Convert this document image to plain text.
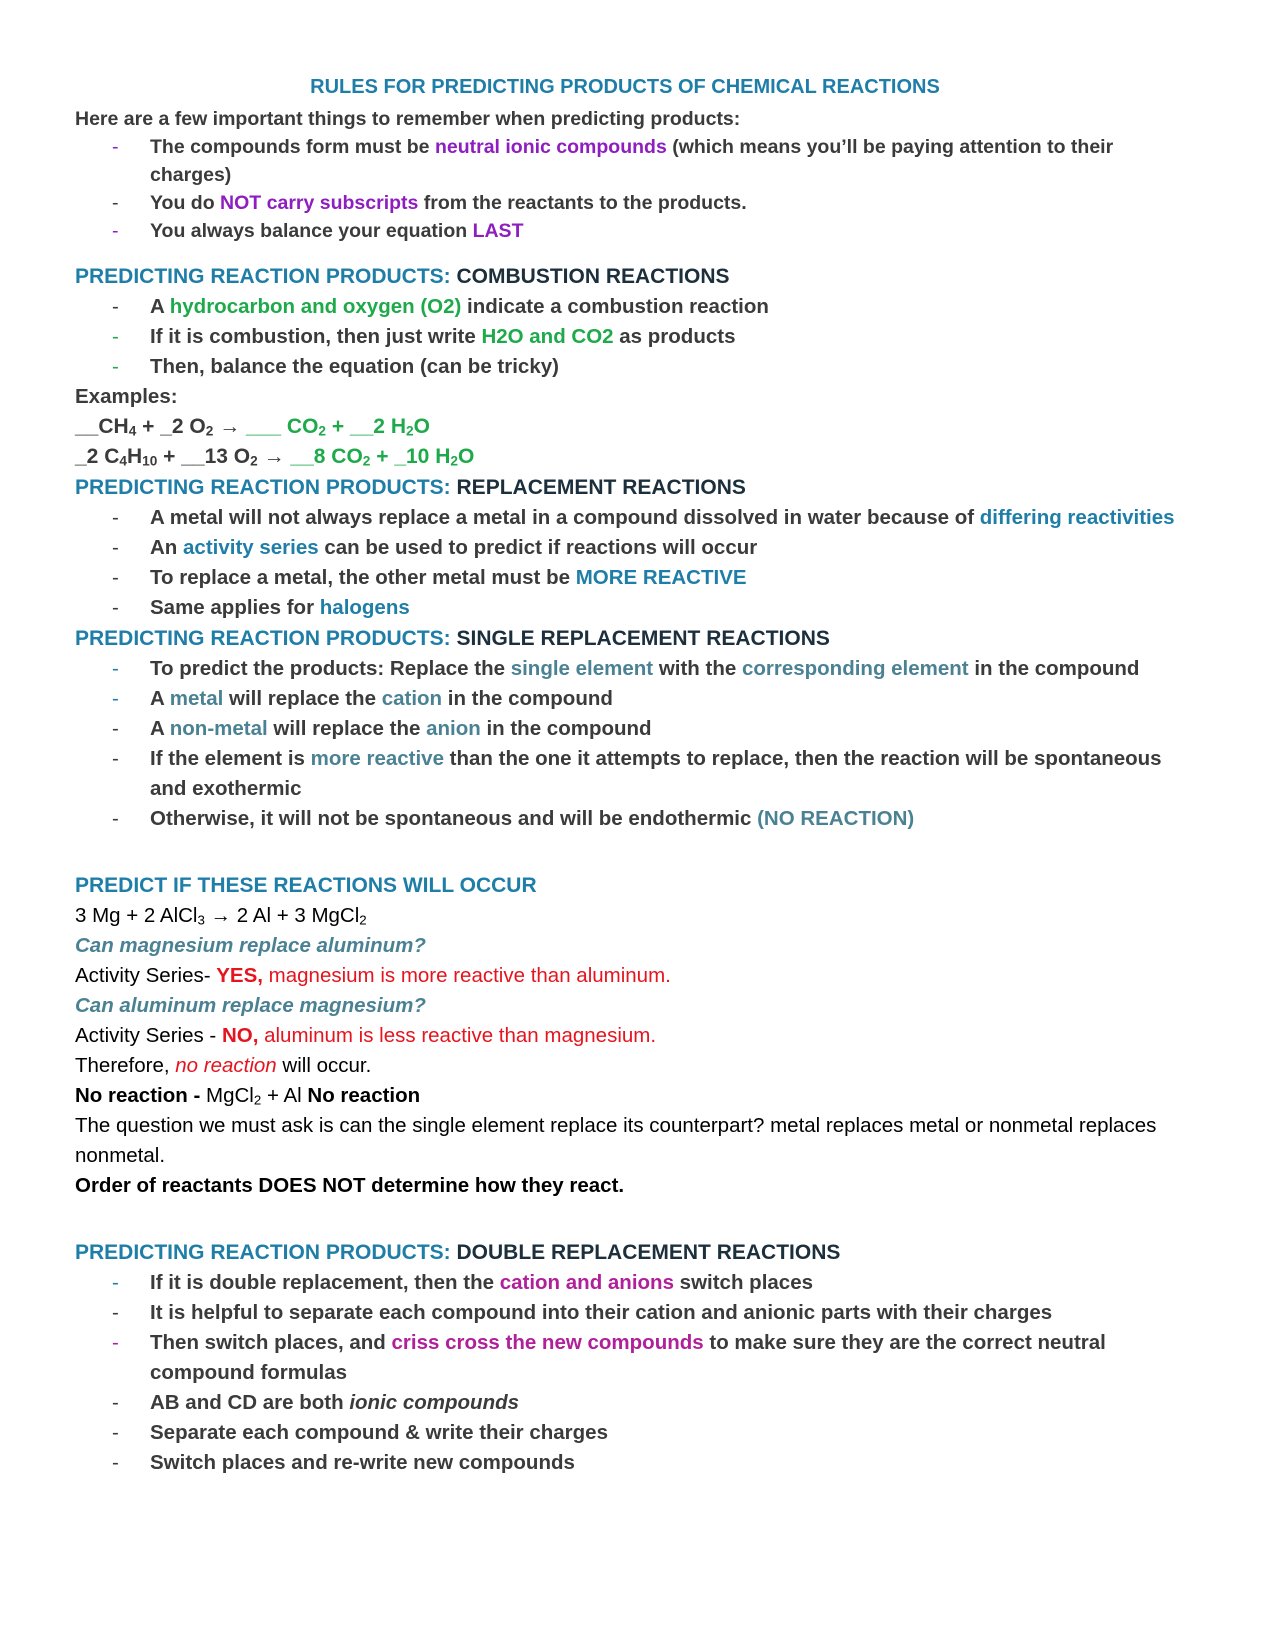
RULES FOR PREDICTING PRODUCTS OF CHEMICAL REACTIONS

Here are a few important things to remember when predicting products:

- The compounds form must be neutral ionic compounds (which means you’ll be paying attention to their charges)
- You do NOT carry subscripts from the reactants to the products.
- You always balance your equation LAST

PREDICTING REACTION PRODUCTS: COMBUSTION REACTIONS

- A hydrocarbon and oxygen (O2) indicate a combustion reaction
- If it is combustion, then just write H2O and CO2 as products
- Then, balance the equation (can be tricky)

Examples:

$\_\_CH_4$ + _2 $O_2$ → ___ $CO_2$ + __2 $H_2O$

_2 $C_4H_{10}$ + __13 $O_2$ → __8 $CO_2$ + _10 $H_2O$

PREDICTING REACTION PRODUCTS: REPLACEMENT REACTIONS

- A metal will not always replace a metal in a compound dissolved in water because of differing reactivities
- An activity series can be used to predict if reactions will occur
- To replace a metal, the other metal must be MORE REACTIVE
- Same applies for halogens

PREDICTING REACTION PRODUCTS: SINGLE REPLACEMENT REACTIONS

- To predict the products: Replace the single element with the corresponding element in the compound
- A metal will replace the cation in the compound
- A non-metal will replace the anion in the compound
- If the element is more reactive than the one it attempts to replace, then the reaction will be spontaneous and exothermic
- Otherwise, it will not be spontaneous and will be endothermic (NO REACTION)

PREDICT IF THESE REACTIONS WILL OCCUR

3 Mg + 2 AlCl$_3$ → 2 Al + 3 MgCl$_2$

Can magnesium replace aluminum?

Activity Series- YES, magnesium is more reactive than aluminum.

Can aluminum replace magnesium?

Activity Series - NO, aluminum is less reactive than magnesium.

Therefore, no reaction will occur.

No reaction - MgCl$_2$ + Al No reaction

The question we must ask is can the single element replace its counterpart? metal replaces metal or nonmetal replaces nonmetal.

Order of reactants DOES NOT determine how they react.

PREDICTING REACTION PRODUCTS: DOUBLE REPLACEMENT REACTIONS

- If it is double replacement, then the cation and anions switch places
- It is helpful to separate each compound into their cation and anionic parts with their charges
- Then switch places, and criss cross the new compounds to make sure they are the correct neutral compound formulas
- AB and CD are both ionic compounds
- Separate each compound & write their charges
- Switch places and re-write new compounds
